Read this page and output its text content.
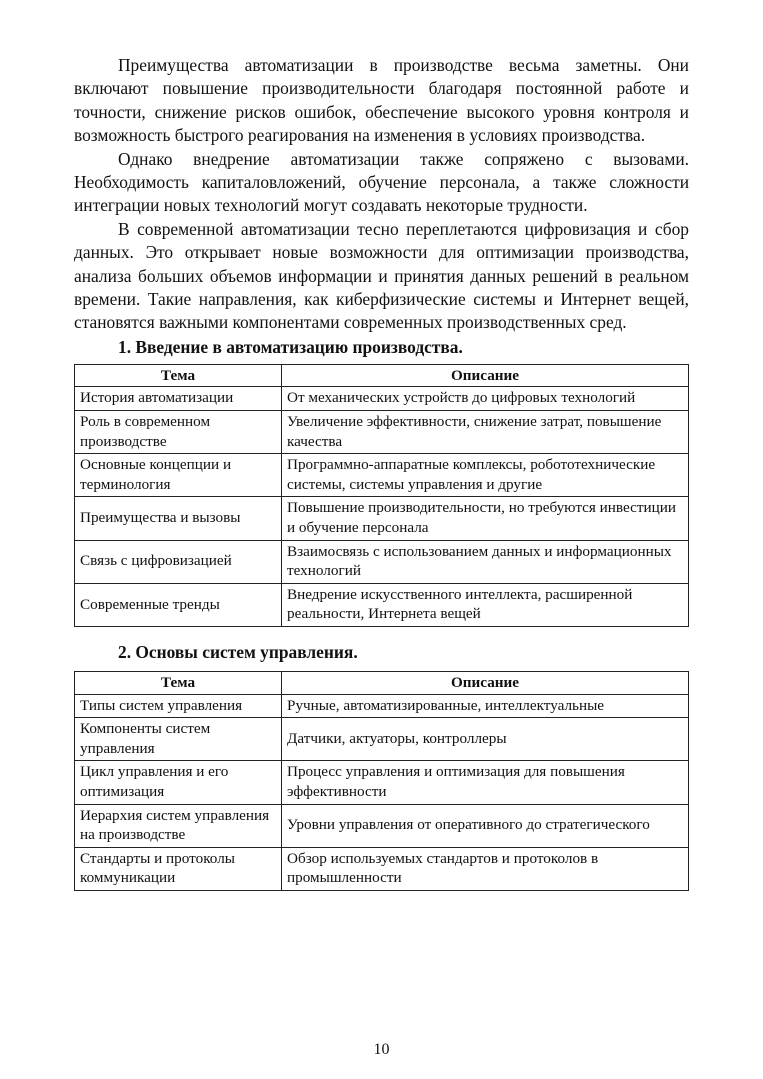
Преимущества автоматизации в производстве весьма заметны. Они включают повышение производительности благодаря постоянной работе и точности, снижение рисков ошибок, обеспечение высокого уровня контроля и возможность быстрого реагирования на изменения в условиях производства.

Однако внедрение автоматизации также сопряжено с вызовами. Необходимость капиталовложений, обучение персонала, а также сложности интеграции новых технологий могут создавать некоторые трудности.

В современной автоматизации тесно переплетаются цифровизация и сбор данных. Это открывает новые возможности для оптимизации производства, анализа больших объемов информации и принятия данных решений в реальном времени. Такие направления, как киберфизические системы и Интернет вещей, становятся важными компонентами современных производственных сред.

1. Введение в автоматизацию производства.
Тема	Описание
История автоматизации	От механических устройств до цифровых технологий
Роль в современном производстве	Увеличение эффективности, снижение затрат, повышение качества
Основные концепции и терминология	Программно-аппаратные комплексы, робототехнические системы, системы управления и другие
Преимущества и вызовы	Повышение производительности, но требуются инвестиции и обучение персонала
Связь с цифровизацией	Взаимосвязь с использованием данных и информационных технологий
Современные тренды	Внедрение искусственного интеллекта, расширенной реальности, Интернета вещей
2. Основы систем управления.
Тема	Описание
Типы систем управления	Ручные, автоматизированные, интеллектуальные
Компоненты систем управления	Датчики, актуаторы, контроллеры
Цикл управления и его оптимизация	Процесс управления и оптимизация для повышения эффективности
Иерархия систем управления на производстве	Уровни управления от оперативного до стратегического
Стандарты и протоколы коммуникации	Обзор используемых стандартов и протоколов в промышленности
10
